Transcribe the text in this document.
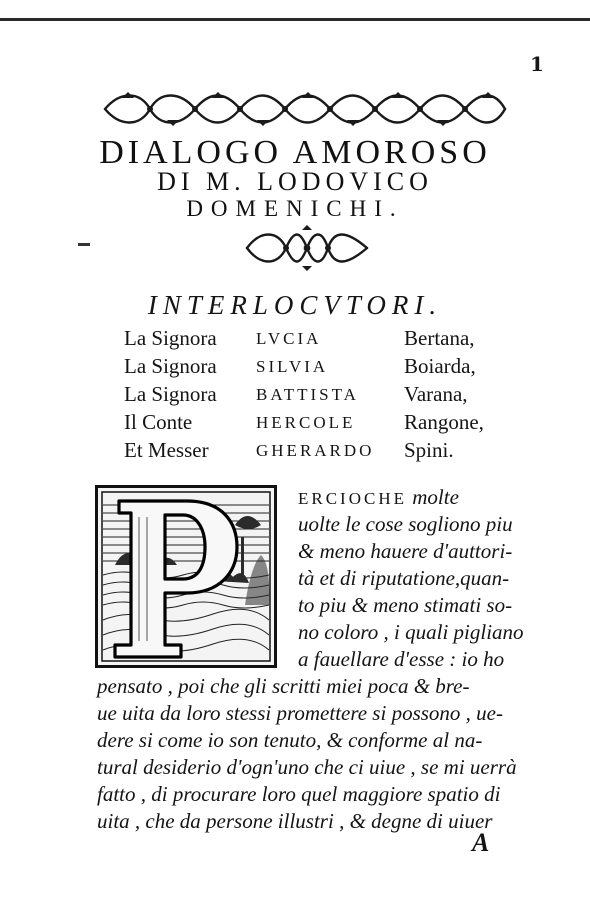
1
DIALOGO AMOROSO
DI M. LODOVICO
DOMENICHI.
INTERLOCVTORI.
La Signora LVCIA	Bertana,
La Signora SILVIA	Boiarda,
La Signora BATTISTA Varana,
Il Conte	HERCOLE Rangone,
Et Messer	GHERARDO Spini.
ERCIOCHE molte
uolte le cose sogliono piu
& meno hauere d'auttori-
tà et di riputatione,quan-
to piu & meno stimati so-
no coloro , i quali pigliano
a fauellare d'esse : io ho
pensato , poi che gli scritti miei poca & bre-
ue uita da loro stessi promettere si possono , ue-
dere si come io son tenuto, & conforme al na-
tural desiderio d'ogn'uno che ci uiue , se mi uerrà
fatto , di procurare loro quel maggiore spatio di
uita , che da persone illustri , & degne di uiuer
A
